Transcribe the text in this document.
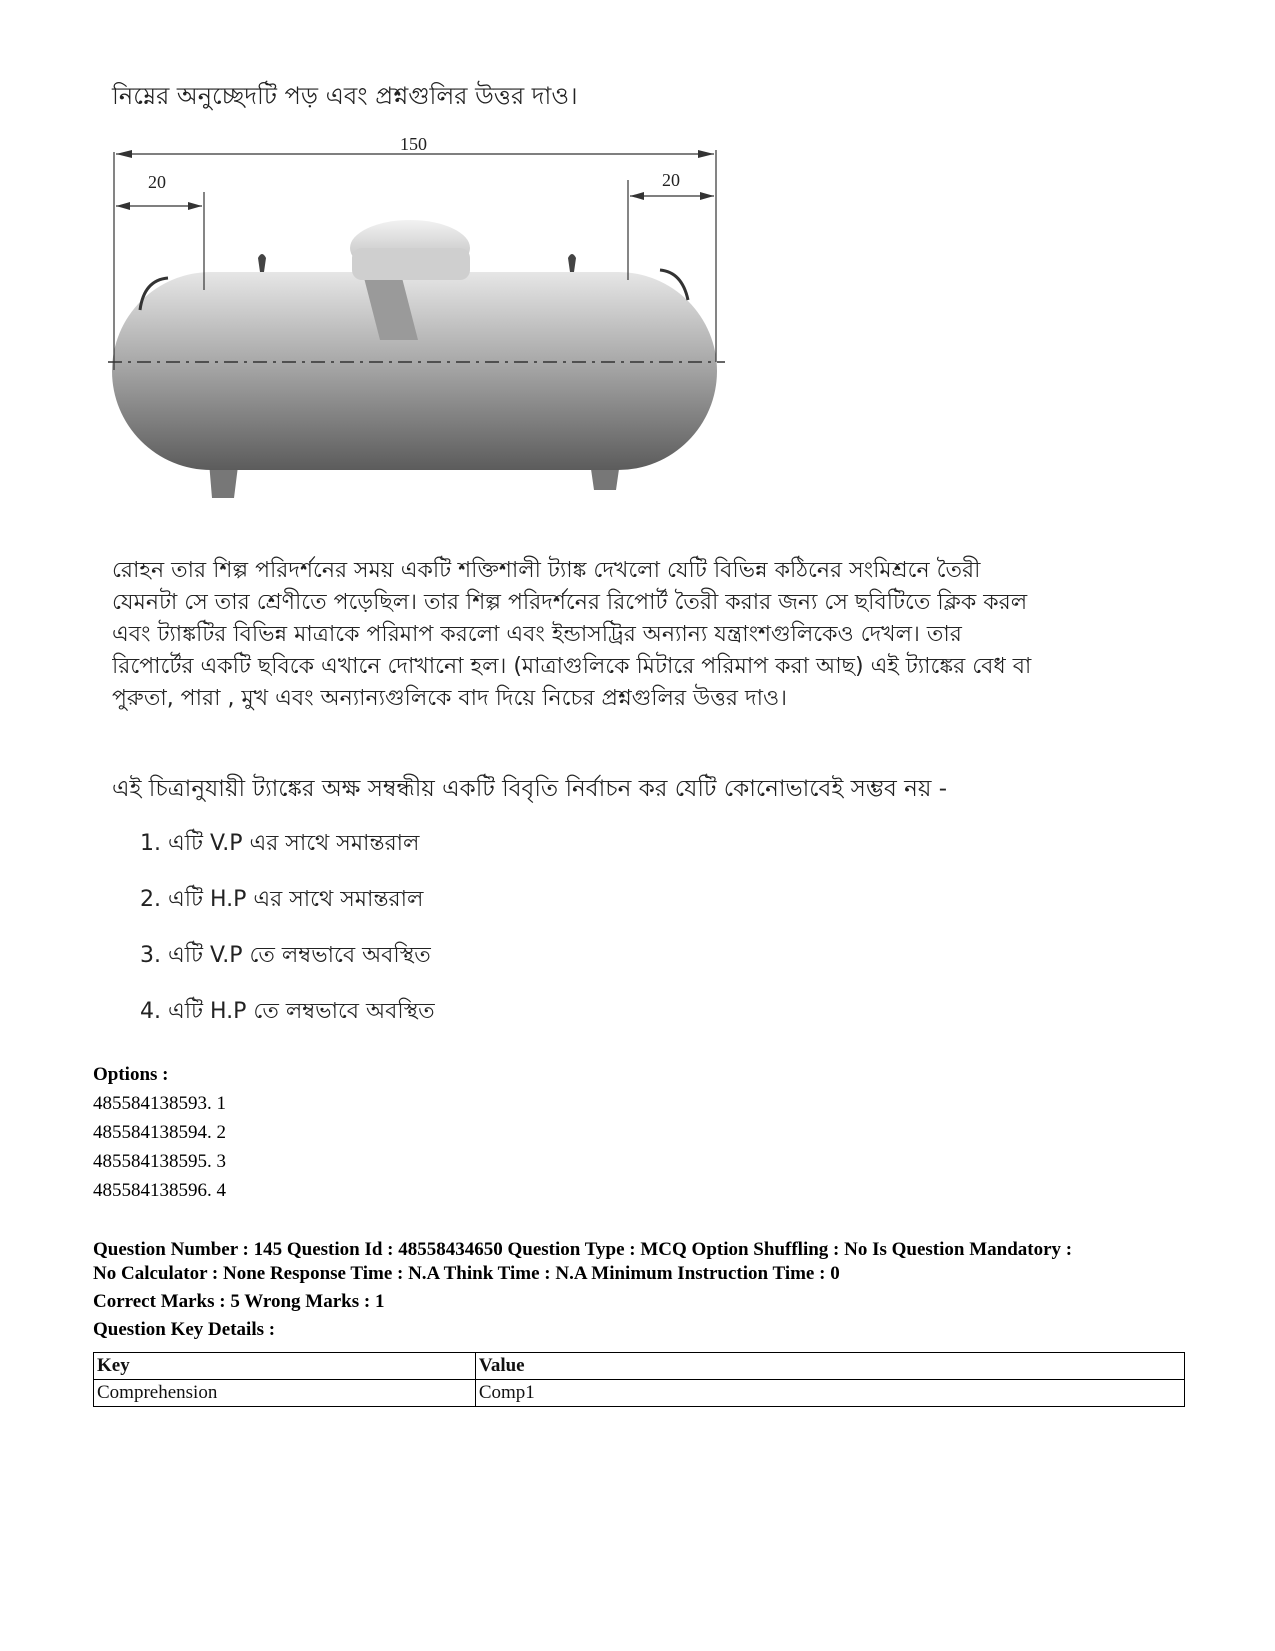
নিম্নের অনুচ্ছেদটি পড় এবং প্রশ্নগুলির উত্তর দাও।
150
20	20
রোহন তার শিল্প পরিদর্শনের সময় একটি শক্তিশালী ট্যাঙ্ক দেখলো যেটি বিভিন্ন কঠিনের সংমিশ্রনে তৈরী
যেমনটা সে তার শ্রেণীতে পড়েছিল। তার শিল্প পরিদর্শনের রিপোর্ট তৈরী করার জন্য সে ছবিটিতে ক্লিক করল
এবং ট্যাঙ্কটির বিভিন্ন মাত্রাকে পরিমাপ করলো এবং ইন্ডাসট্রির অন্যান্য যন্ত্রাংশগুলিকেও দেখল। তার
রিপোর্টের একটি ছবিকে এখানে দোখানো হল। (মাত্রাগুলিকে মিটারে পরিমাপ করা আছ) এই ট্যাঙ্কের বেধ বা
পুরুতা, পারা , মুখ এবং অন্যান্যগুলিকে বাদ দিয়ে নিচের প্রশ্নগুলির উত্তর দাও।
এই চিত্রানুযায়ী ট্যাঙ্কের অক্ষ সম্বন্ধীয় একটি বিবৃতি নির্বাচন কর যেটি কোনোভাবেই সম্ভব নয় -
1. এটি V.P এর সাথে সমান্তরাল
2. এটি H.P এর সাথে সমান্তরাল
3. এটি V.P তে লম্বভাবে অবস্থিত
4. এটি H.P তে লম্বভাবে অবস্থিত
Options :
485584138593. 1
485584138594. 2
485584138595. 3
485584138596. 4
Question Number : 145 Question Id : 48558434650 Question Type : MCQ Option Shuffling : No Is Question Mandatory :
No Calculator : None Response Time : N.A Think Time : N.A Minimum Instruction Time : 0
Correct Marks : 5 Wrong Marks : 1
Question Key Details :
Key	Value
Comprehension	Comp1
